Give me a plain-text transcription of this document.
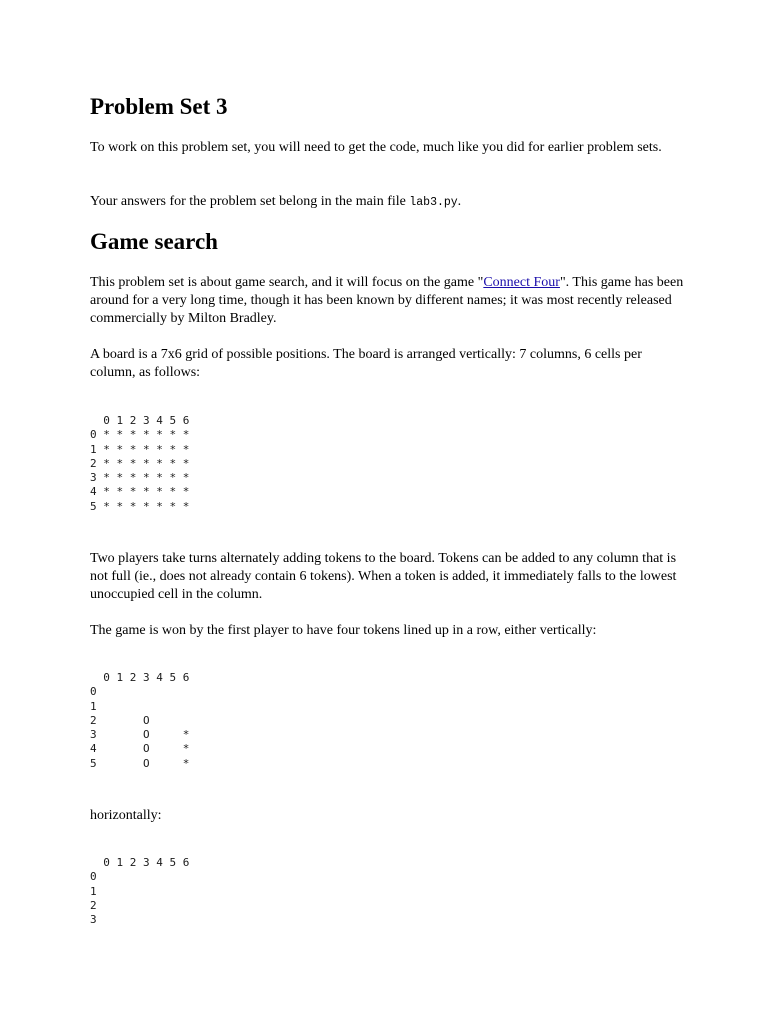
Problem Set 3

To work on this problem set, you will need to get the code, much like you did for earlier problem sets.

Your answers for the problem set belong in the main file lab3.py.

Game search

This problem set is about game search, and it will focus on the game "Connect Four". This game has been around for a very long time, though it has been known by different names; it was most recently released commercially by Milton Bradley.

A board is a 7x6 grid of possible positions. The board is arranged vertically: 7 columns, 6 cells per column, as follows:

0 1 2 3 4 5 6
0 * * * * * * *
1 * * * * * * *
2 * * * * * * *
3 * * * * * * *
4 * * * * * * *
5 * * * * * * *

Two players take turns alternately adding tokens to the board. Tokens can be added to any column that is not full (ie., does not already contain 6 tokens). When a token is added, it immediately falls to the lowest unoccupied cell in the column.

The game is won by the first player to have four tokens lined up in a row, either vertically:

0 1 2 3 4 5 6
0
1
2       O
3       O     *
4       O     *
5       O     *

horizontally:

0 1 2 3 4 5 6
0
1
2
3
